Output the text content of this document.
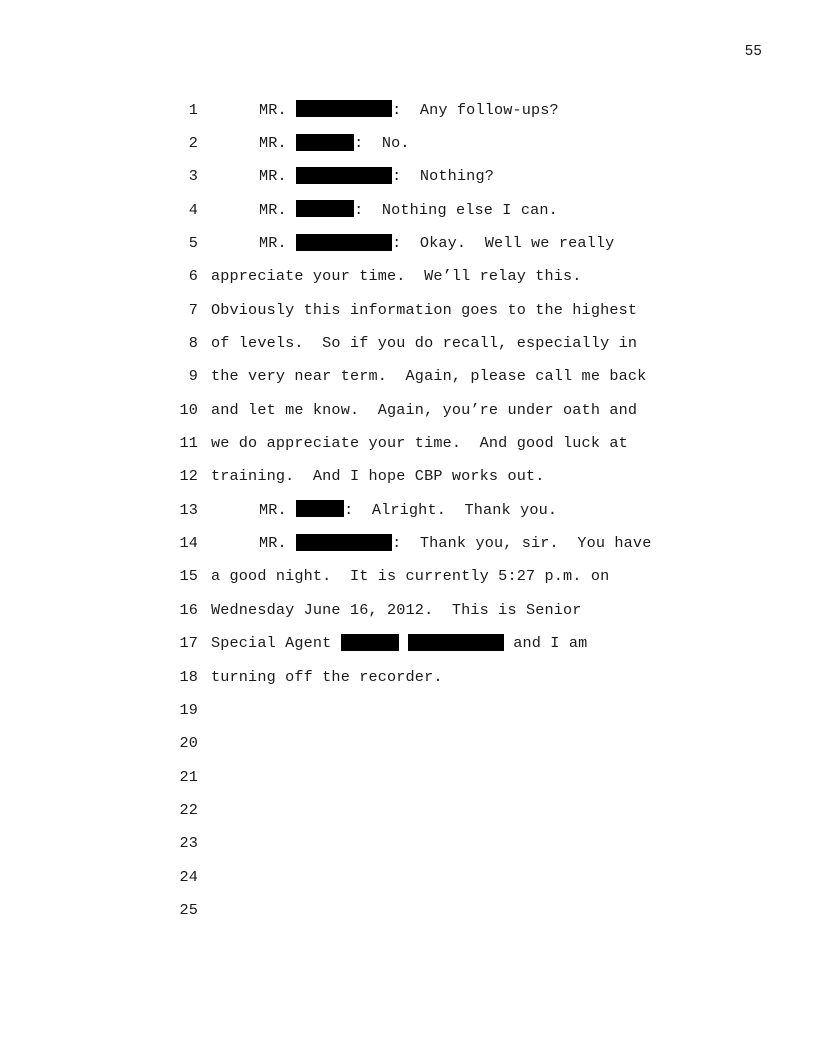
55
1	MR.	:  Any follow-ups?
2	MR.	:  No.
3	MR.	:  Nothing?
4	MR.	:  Nothing else I can.
5	MR.	:  Okay.  Well we really
6 appreciate your time.  We’ll relay this.
7 Obviously this information goes to the highest
8 of levels.  So if you do recall, especially in
9 the very near term.  Again, please call me back
10 and let me know.  Again, you’re under oath and
11 we do appreciate your time.  And good luck at
12 training.  And I hope CBP works out.
13	MR.	:  Alright.  Thank you.
14	MR.	:  Thank you, sir.  You have
15 a good night.  It is currently 5:27 p.m. on
16 Wednesday June 16, 2012.  This is Senior
17 Special Agent	and I am
18 turning off the recorder.
19
20
21
22
23
24
25
